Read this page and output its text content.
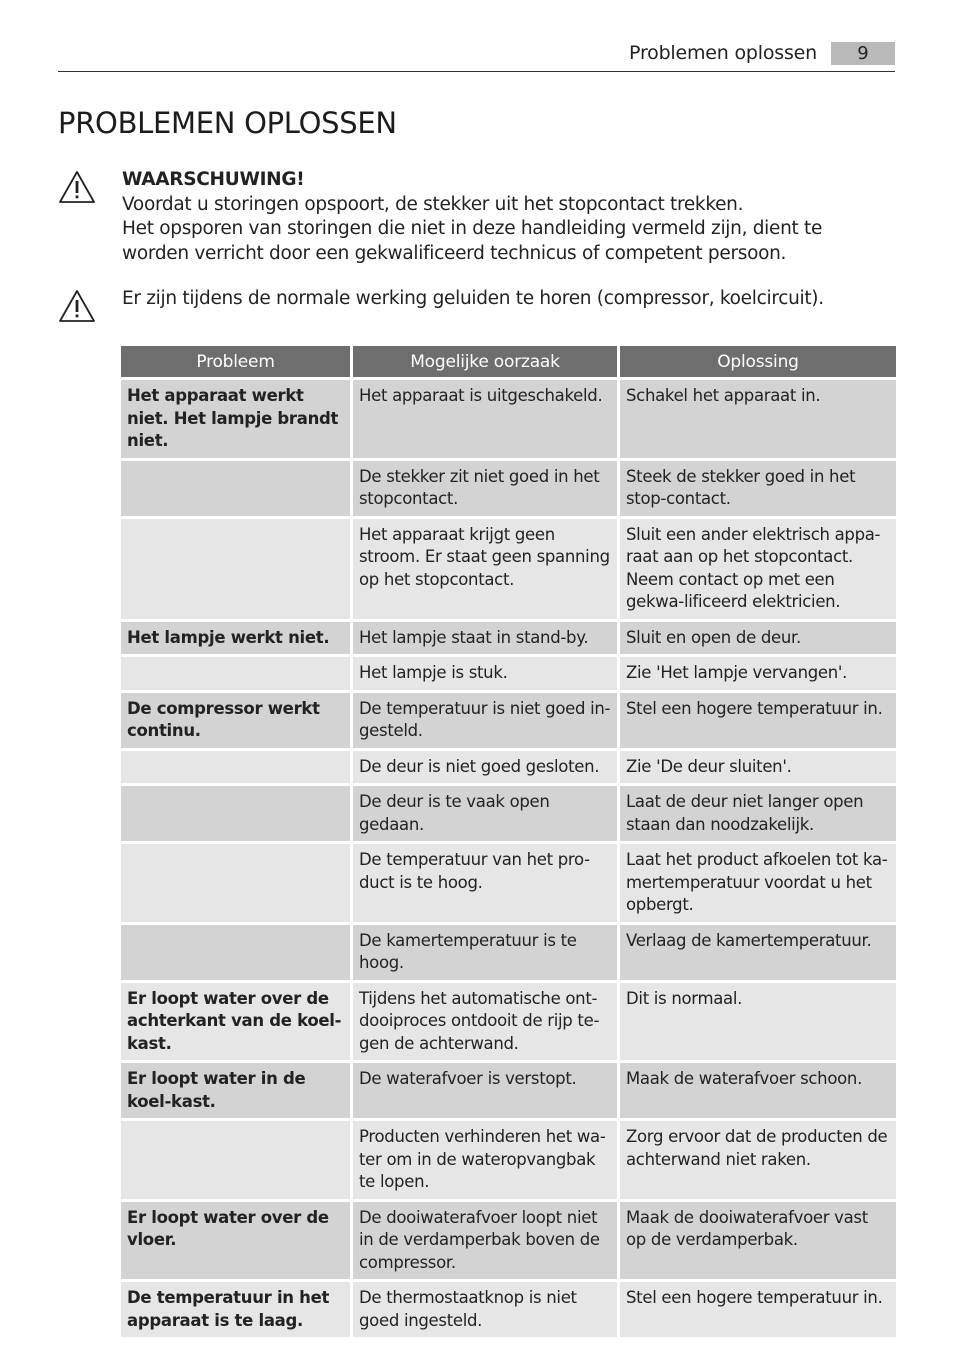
Problemen oplossen	9
PROBLEMEN OPLOSSEN
WAARSCHUWING!
Voordat u storingen opspoort, de stekker uit het stopcontact trekken.
Het opsporen van storingen die niet in deze handleiding vermeld zijn, dient te worden verricht door een gekwalificeerd technicus of competent persoon.
Er zijn tijdens de normale werking geluiden te horen (compressor, koelcircuit).
Probleem	Mogelijke oorzaak	Oplossing
Het apparaat werkt niet. Het lampje brandt niet.	Het apparaat is uitgeschakeld.	Schakel het apparaat in.
	De stekker zit niet goed in het stopcontact.	Steek de stekker goed in het stop-contact.
	Het apparaat krijgt geen stroom. Er staat geen spanning op het stopcontact.	Sluit een ander elektrisch appa-raat aan op het stopcontact. Neem contact op met een gekwa-lificeerd elektricien.
Het lampje werkt niet.	Het lampje staat in stand-by.	Sluit en open de deur.
	Het lampje is stuk.	Zie 'Het lampje vervangen'.
De compressor werkt continu.	De temperatuur is niet goed in-gesteld.	Stel een hogere temperatuur in.
	De deur is niet goed gesloten.	Zie 'De deur sluiten'.
	De deur is te vaak open gedaan.	Laat de deur niet langer open staan dan noodzakelijk.
	De temperatuur van het pro-duct is te hoog.	Laat het product afkoelen tot ka-mertemperatuur voordat u het opbergt.
	De kamertemperatuur is te hoog.	Verlaag de kamertemperatuur.
Er loopt water over de achterkant van de koel-kast.	Tijdens het automatische ont-dooiproces ontdooit de rijp te-gen de achterwand.	Dit is normaal.
Er loopt water in de koel-kast.	De waterafvoer is verstopt.	Maak de waterafvoer schoon.
	Producten verhinderen het wa-ter om in de wateropvangbak te lopen.	Zorg ervoor dat de producten de achterwand niet raken.
Er loopt water over de vloer.	De dooiwaterafvoer loopt niet in de verdamperbak boven de compressor.	Maak de dooiwaterafvoer vast op de verdamperbak.
De temperatuur in het apparaat is te laag.	De thermostaatknop is niet goed ingesteld.	Stel een hogere temperatuur in.
